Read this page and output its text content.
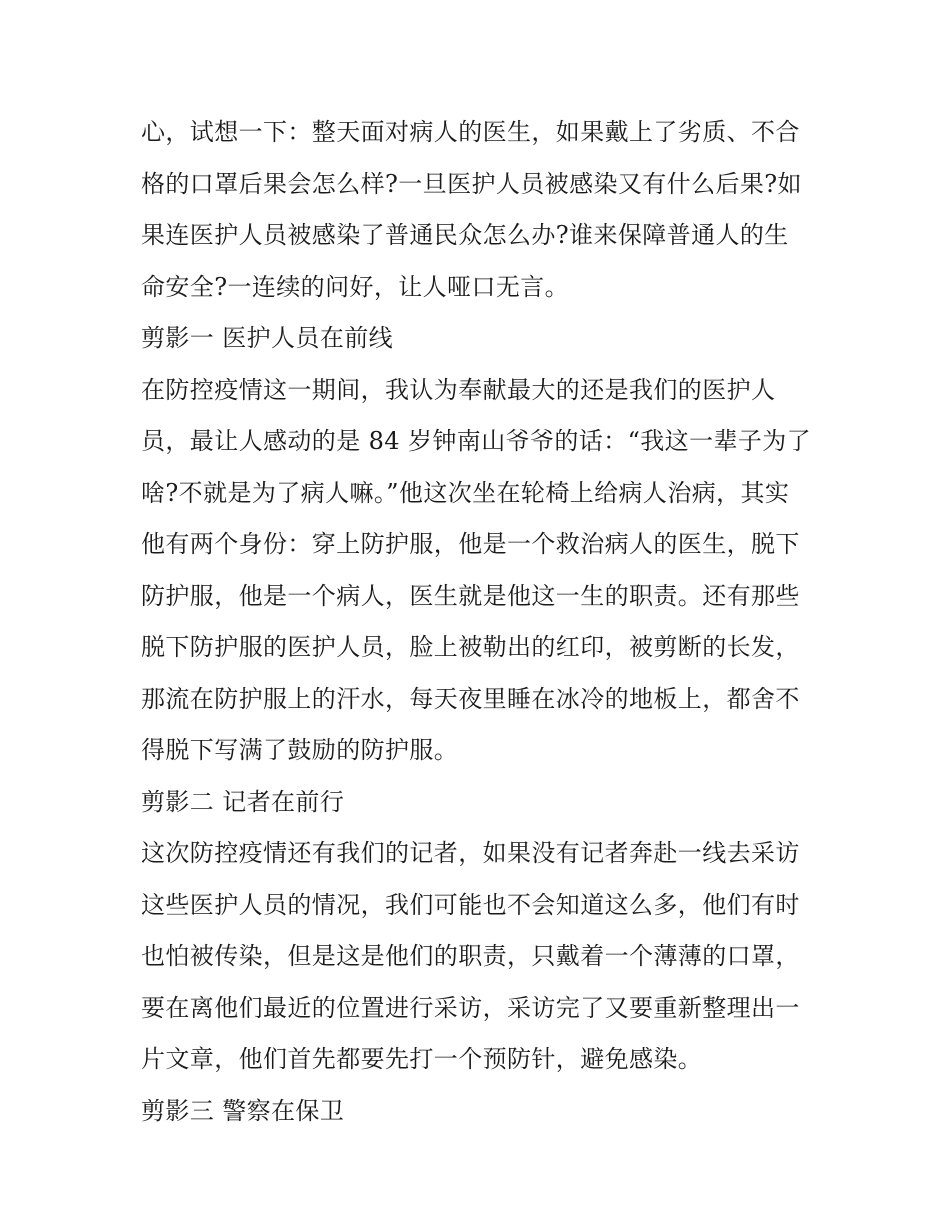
心，试想一下：整天面对病人的医生，如果戴上了劣质、不合
格的口罩后果会怎么样?一旦医护人员被感染又有什么后果?如
果连医护人员被感染了普通民众怎么办?谁来保障普通人的生
命安全?一连续的问好，让人哑口无言。
剪影一 医护人员在前线
在防控疫情这一期间，我认为奉献最大的还是我们的医护人
员，最让人感动的是 84 岁钟南山爷爷的话：“我这一辈子为了
啥?不就是为了病人嘛。”他这次坐在轮椅上给病人治病，其实
他有两个身份：穿上防护服，他是一个救治病人的医生，脱下
防护服，他是一个病人，医生就是他这一生的职责。还有那些
脱下防护服的医护人员，脸上被勒出的红印，被剪断的长发，
那流在防护服上的汗水，每天夜里睡在冰冷的地板上，都舍不
得脱下写满了鼓励的防护服。
剪影二 记者在前行
这次防控疫情还有我们的记者，如果没有记者奔赴一线去采访
这些医护人员的情况，我们可能也不会知道这么多，他们有时
也怕被传染，但是这是他们的职责，只戴着一个薄薄的口罩，
要在离他们最近的位置进行采访，采访完了又要重新整理出一
片文章，他们首先都要先打一个预防针，避免感染。
剪影三 警察在保卫
